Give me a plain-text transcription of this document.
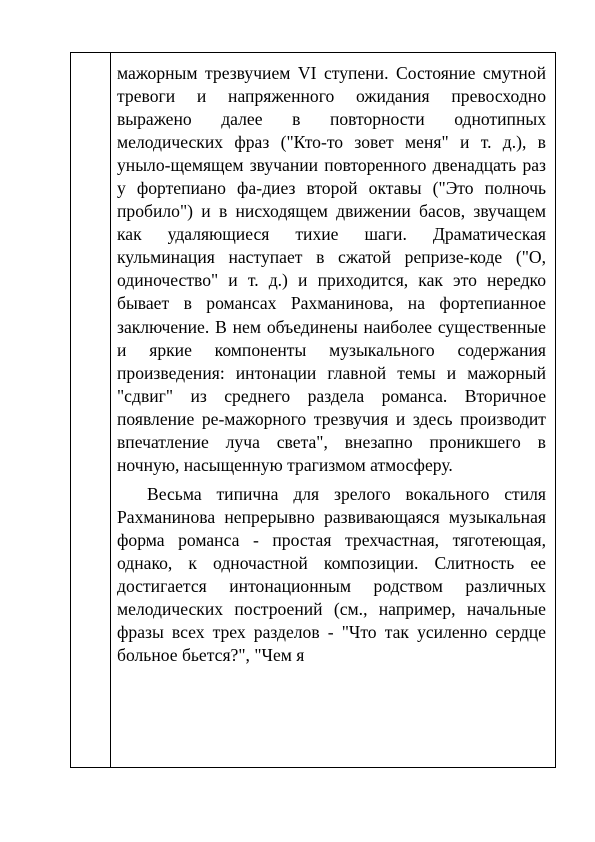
мажорным трезвучием VI ступени. Состояние смутной тревоги и напряженного ожидания превосходно выражено далее в повторности однотипных мелодических фраз ("Кто-то зовет меня" и т. д.), в уныло-щемящем звучании повторенного двенадцать раз у фортепиано фа-диез второй октавы ("Это полночь пробило") и в нисходящем движении басов, звучащем как удаляющиеся тихие шаги. Драматическая кульминация наступает в сжатой репризе-коде ("О, одиночество" и т. д.) и приходится, как это нередко бывает в романсах Рахманинова, на фортепианное заключение. В нем объединены наиболее существенные и яркие компоненты музыкального содержания произведения: интонации главной темы и мажорный "сдвиг" из среднего раздела романса. Вторичное появление ре-мажорного трезвучия и здесь производит впечатление луча света", внезапно проникшего в ночную, насыщенную трагизмом атмосферу.

Весьма типична для зрелого вокального стиля Рахманинова непрерывно развивающаяся музыкальная форма романса - простая трехчастная, тяготеющая, однако, к одночастной композиции. Слитность ее достигается интонационным родством различных мелодических построений (см., например, начальные фразы всех трех разделов - "Что так усиленно сердце больное бьется?", "Чем я
